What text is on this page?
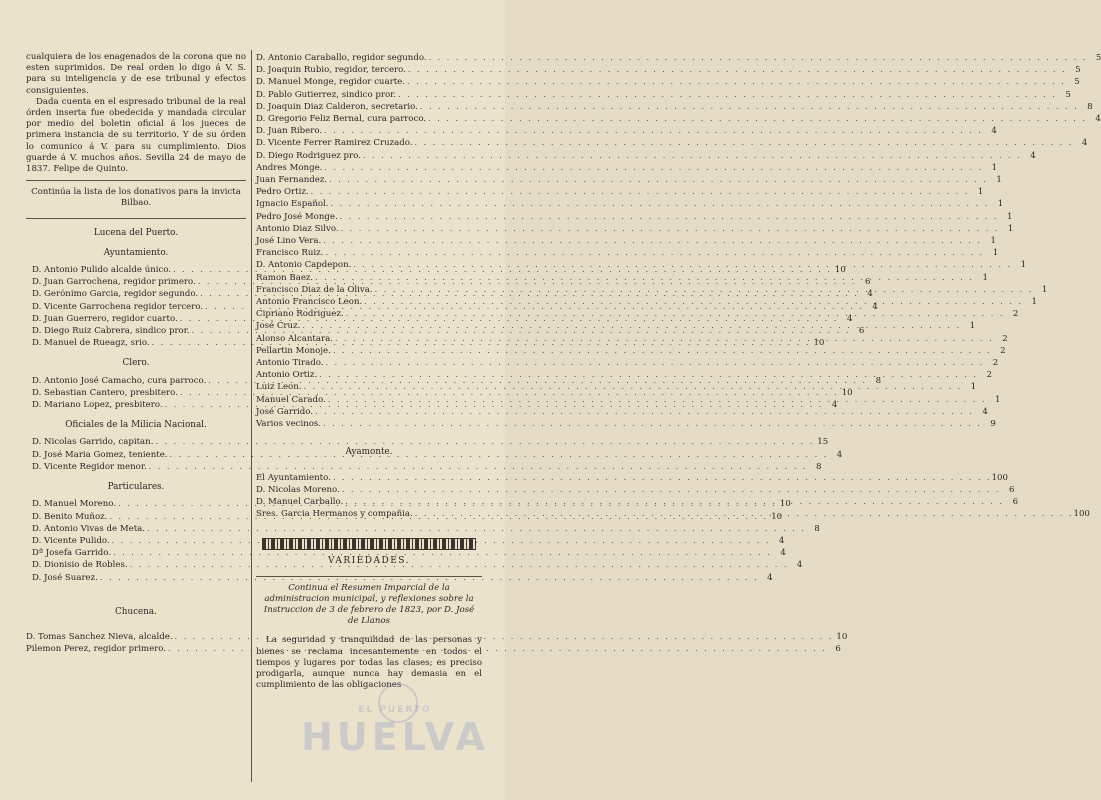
cualquiera de los enagenados de la corona que no esten suprimidos. De real orden lo digo á V. S. para su inteligencia y de ese tribunal y efectos consiguientes.

Dada cuenta en el espresado tribunal de la real órden inserta fue obedecida y mandada circular por medio del boletin oficial á los jueces de primera instancia de su territorio. Y de su órden lo comunico á V. para su cumplimiento. Dios guarde á V. muchos años. Sevilla 24 de mayo de 1837. Felipe de Quinto.

Continúa la lista de los donativos para la invicta Bilbao.

Lucena del Puerto.
Ayuntamiento.
D. Antonio Pulido alcalde único. . . .	10
D. Juan Garrochena, regidor primero. . . .	6
D. Gerónimo Garcia, regidor segundo. . . .	4
D. Vicente Garrochena regidor tercero. . . .	4
D. Juan Guerrero, regidor cuarto. . . .	4
D. Diego Ruiz Cabrera, sindico pror. . . .	6
D. Manuel de Rueagz, srio. . . .	10
Clero.
D. Antonio José Camacho, cura parroco. . . .	8
D. Sebastian Cantero, presbitero. . . .	10
D. Mariano Lopez, presbitero. . . .	4
Oficiales de la Milicia Nacional.
D. Nicolas Garrido, capitan. . . .	15
D. José Maria Gomez, teniente. . . .	4
D. Vicente Regidor menor. . . .	8
Particulares.
D. Manuel Moreno. . . .	10
D. Benito Muñoz. . . .	10
D. Antonio Vivas de Meta. . . .	8
D. Vicente Pulido. . . .	4
Dª Josefa Garrido. . . .	4
D. Dionisio de Robles. . . .	4
D. José Suarez. . . .	4
Chucena.
D. Tomas Sanchez Nieva, alcalde. . . .	10
Pilemon Perez, regidor primero. . . .	6
D. Antonio Caraballo, regidor segundo. . . .	5
D. Joaquin Rubio, regidor, tercero. . . .	5
D. Manuel Monge, regidor cuarte. . . .	5
D. Pablo Gutierrez, sindico pror. . . .	5
D. Joaquin Diaz Calderon, secretario. . . .	8
D. Gregorio Feliz Bernal, cura parroco. . . .	4
D. Juan Ribero. . . .	4
D. Vicente Ferrer Ramirez Cruzado. . . .	4
D. Diego Rodriguez pro. . . .	4
Andres Monge. . . .	1
Juan Fernandez. . . .	1
Pedro Ortiz. . . .	1
Ignacio Español. . . .	1
Pedro José Monge. . . .	1
Antonio Diaz Silvo. . . .	1
José Lino Vera. . . .	1
Francisco Ruiz. . . .	1
D. Antonio Capdepon. . . .	1
Ramon Baez. . . .	1
Francisco Diaz de la Oliva. . . .	1
Antonio Francisco Leon. . . .	1
Cipriano Rodriguez. . . .	2
José Cruz. . . .	1
Alonso Alcantara. . . .	2
Pellartin Monoje. . . .	2
Antonio Tirado. . . .	2
Antonio Ortiz. . . .	2
Luiz Leon. . . .	1
Manuel Carado. . . .	1
José Garrido. . . .	4
Varios vecinos. . . .	9
Ayamonte.
El Ayuntamiento. . . .	100
D. Nicolas Moreno. . . .	6
D. Manuel Carballo. . . .	6
Sres. Garcia Hermanos y compañia. . . .	100
VARIEDADES.

Continua el Resumen Imparcial de la administracion municipal, y reflexiones sobre la Instruccion de 3 de febrero de 1823, por D. José de Llanos

La seguridad y tranquilidad de las personas y bienes se reclama incesantemente en todos el tiempos y lugares por todas las clases; es preciso prodigarla, aunque nunca hay demasia en el cumplimiento de las obligaciones

EL PUERTO
HUELVA
